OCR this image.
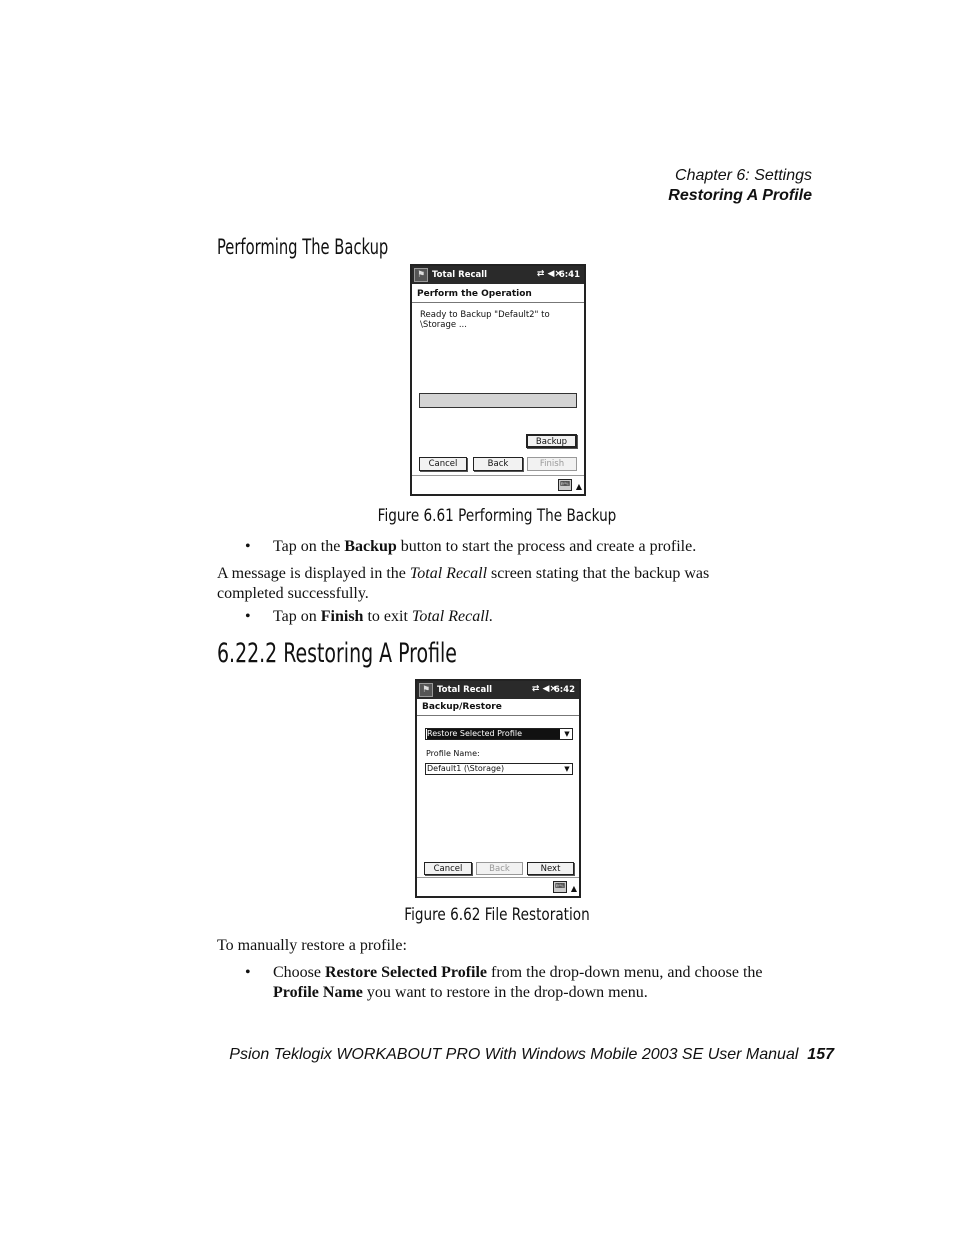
Chapter 6: Settings
Restoring A Profile
Performing The Backup
⚑ Total Recall	⇄ ◀×
6:41
Perform the Operation
Ready to Backup "Default2" to \Storage ...
Backup
Cancel	Back	Finish
⌨ ▲
Figure 6.61 Performing The Backup
• Tap on the Backup button to start the process and create a profile.
A message is displayed in the Total Recall screen stating that the backup was completed successfully.
• Tap on Finish to exit Total Recall.
6.22.2 Restoring A Profile
⚑ Total Recall	⇄ ◀×
6:42
Backup/Restore
Restore Selected Profile	▼
Profile Name:
Default1 (\Storage)	▼
Cancel	Back	Next
⌨ ▲
Figure 6.62 File Restoration
To manually restore a profile:
• Choose Restore Selected Profile from the drop-down menu, and choose the Profile Name you want to restore in the drop-down menu.
Psion Teklogix WORKABOUT PRO With Windows Mobile 2003 SE User Manual 157
